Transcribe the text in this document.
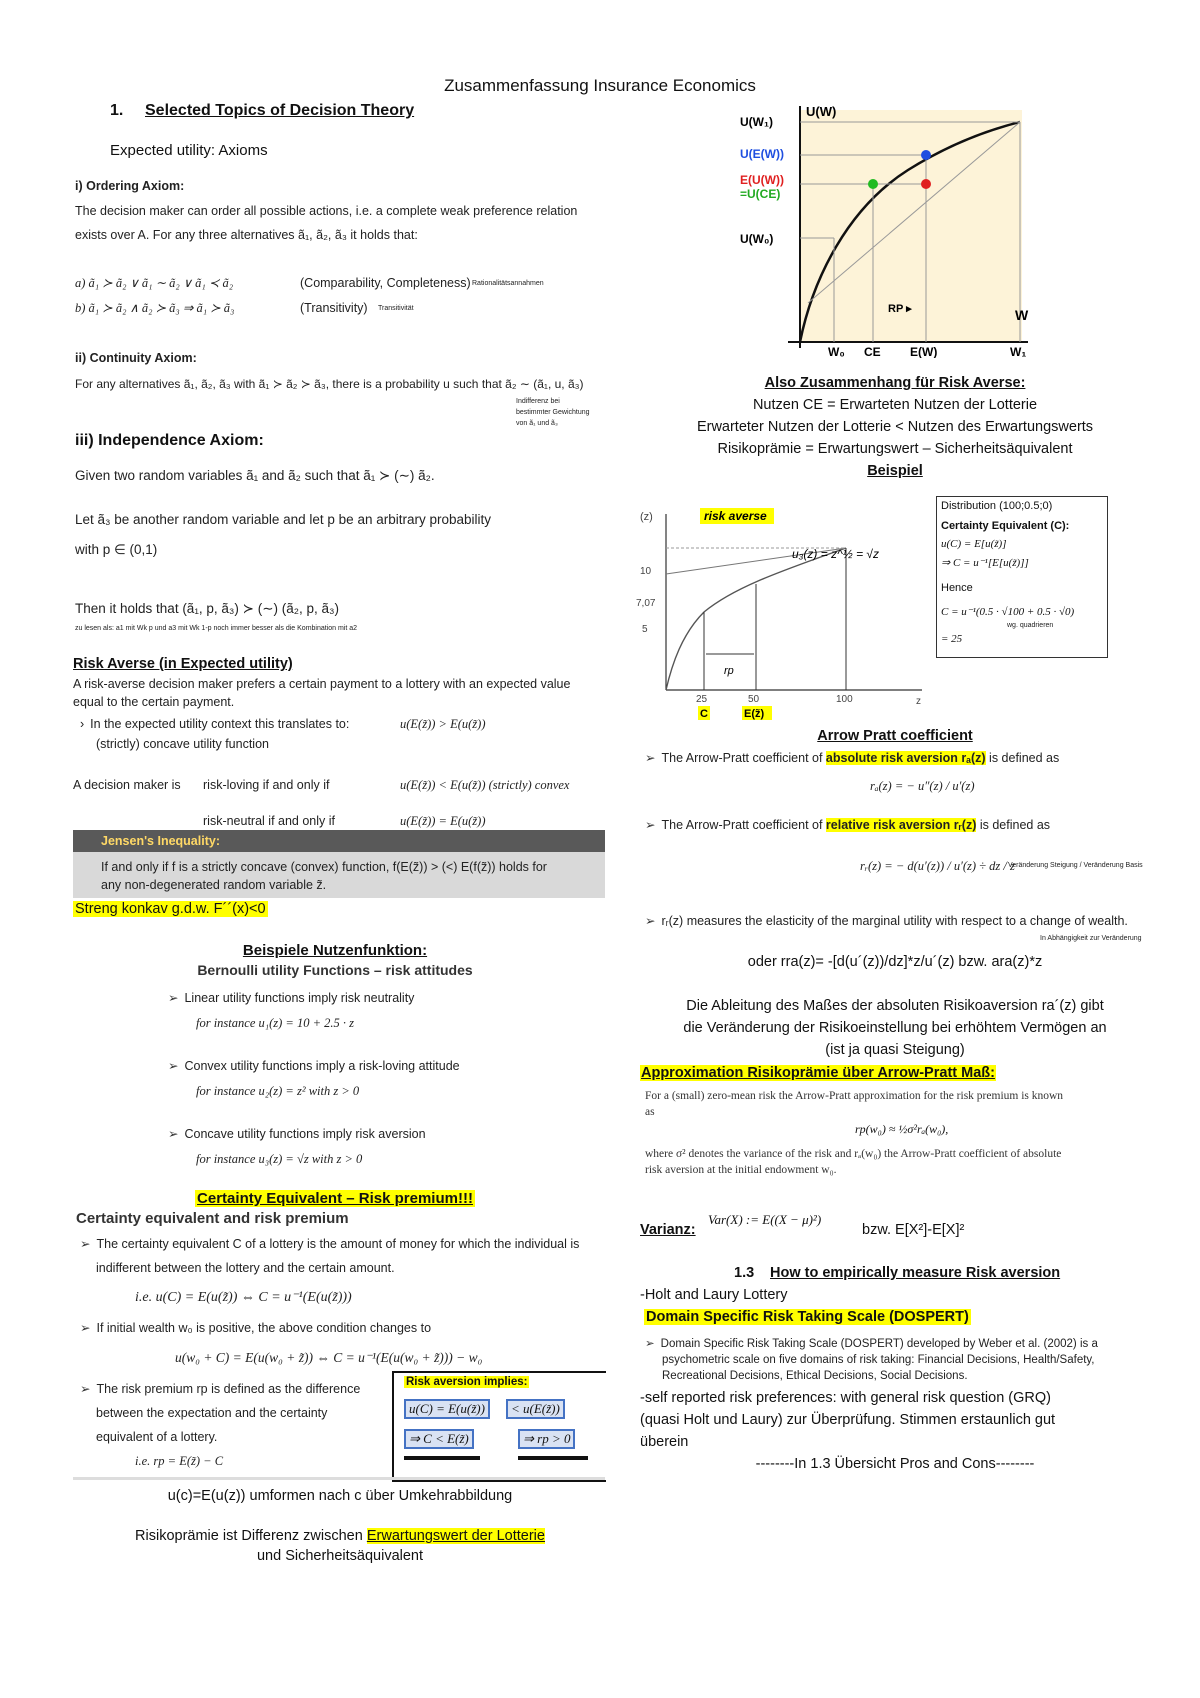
Zusammenfassung Insurance Economics
1. Selected Topics of Decision Theory
Expected utility: Axioms
i) Ordering Axiom:
The decision maker can order all possible actions, i.e. a complete weak preference relation
exists over A. For any three alternatives ã₁, ã₂, ã₃ it holds that:
a) ã₁ ≻ ã₂ ∨ ã₁ ∼ ã₂ ∨ ã₁ ≺ ã₂	(Comparability, Completeness) Rationalitätsannahmen
b) ã₁ ≻ ã₂ ∧ ã₂ ≻ ã₃ ⇒ ã₁ ≻ ã₃	(Transitivity) Transitivität
ii) Continuity Axiom:
For any alternatives ã₁, ã₂, ã₃ with ã₁ ≻ ã₂ ≻ ã₃, there is a probability u such that ã₂ ∼ (ã₁, u, ã₃)
Indifferenz bei
bestimmter Gewichtung
von ã₁ und ã₃
iii) Independence Axiom:
Given two random variables ã₁ and ã₂ such that ã₁ ≻ (∼) ã₂.
Let ã₃ be another random variable and let p be an arbitrary probability
with p ∈ (0,1)
Then it holds that (ã₁, p, ã₃) ≻ (∼) (ã₂, p, ã₃)
zu lesen als: a1 mit Wk p und a3 mit Wk 1-p noch immer besser als die Kombination mit a2
Risk Averse (in Expected utility)
A risk-averse decision maker prefers a certain payment to a lottery with an expected value
equal to the certain payment.
› In the expected utility context this translates to:	u(E(z̃)) > E(u(z̃))
(strictly) concave utility function
A decision maker is risk-loving if and only if	u(E(z̃)) < E(u(z̃)) (strictly) convex
risk-neutral if and only if	u(E(z̃)) = E(u(z̃))
Jensen's Inequality:
If and only if f is a strictly concave (convex) function, f(E(z̃)) > (<) E(f(z̃)) holds for
any non-degenerated random variable z̃.
Streng konkav g.d.w. F´´(x)<0
Beispiele Nutzenfunktion:
Bernoulli utility Functions – risk attitudes
➢ Linear utility functions imply risk neutrality
for instance u₁(z) = 10 + 2.5 · z
➢ Convex utility functions imply a risk-loving attitude
for instance u₂(z) = z² with z > 0
➢ Concave utility functions imply risk aversion
for instance u₃(z) = √z with z > 0
Certainty Equivalent – Risk premium!!!
Certainty equivalent and risk premium
➢ The certainty equivalent C of a lottery is the amount of money for which the individual is
indifferent between the lottery and the certain amount.
i.e. u(C) = E(u(z̃)) ⇔ C = u⁻¹(E(u(z̃)))
➢ If initial wealth w₀ is positive, the above condition changes to
u(w₀ + C) = E(u(w₀ + z̃)) ⇔ C = u⁻¹(E(u(w₀ + z̃))) − w₀
➢ The risk premium rp is defined as the difference
between the expectation and the certainty
equivalent of a lottery.
i.e. rp = E(z̃) − C
Risk aversion implies:
u(C) = E(u(z̃))	< u(E(z̃))
⇒ C < E(z̃)	⇒ rp > 0
u(c)=E(u(z)) umformen nach c über Umkehrabbildung
Risikoprämie ist Differenz zwischen Erwartungswert der Lotterie
und Sicherheitsäquivalent
U(W)
W
RP ▸
U(W₁)
U(E(W))
E(U(W))
=U(CE)
U(W₀)
W₀ CE E(W)	W₁
Also Zusammenhang für Risk Averse:
Nutzen CE = Erwarteten Nutzen der Lotterie
Erwarteter Nutzen der Lotterie < Nutzen des Erwartungswerts
Risikoprämie = Erwartungswert – Sicherheitsäquivalent
Beispiel
risk averse
(z)
z
10
7,07
5
25	50	100
C	E(z̃)
u₃(z) = z^½ = √z
rp
Distribution (100;0.5;0)
Certainty Equivalent (C):
u(C) = E[u(z̃)]
⇒ C = u⁻¹[E[u(z̃)]]
Hence
C = u⁻¹(0.5 · √100 + 0.5 · √0)
wg. quadrieren
= 25
Arrow Pratt coefficient
➢ The Arrow-Pratt coefficient of absolute risk aversion rₐ(z) is defined as
rₐ(z) = − u″(z) / u′(z)
➢ The Arrow-Pratt coefficient of relative risk aversion rᵣ(z) is defined as
rᵣ(z) = − d(u′(z)) / u′(z) ÷ dz / z
Veränderung Steigung / Veränderung Basis
➢ rᵣ(z) measures the elasticity of the marginal utility with respect to a change of wealth.
In Abhängigkeit zur Veränderung
oder rra(z)= -[d(u´(z))/dz]*z/u´(z) bzw. ara(z)*z
Die Ableitung des Maßes der absoluten Risikoaversion ra´(z) gibt
die Veränderung der Risikoeinstellung bei erhöhtem Vermögen an
(ist ja quasi Steigung)
Approximation Risikoprämie über Arrow-Pratt Maß:
For a (small) zero-mean risk the Arrow-Pratt approximation for the risk premium is known
as
rp(w₀) ≈ ½σ²rₐ(w₀),
where σ² denotes the variance of the risk and rₐ(w₀) the Arrow-Pratt coefficient of absolute
risk aversion at the initial endowment w₀.
Varianz:
Var(X) := E((X − μ)²)
bzw. E[X²]-E[X]²
1.3 How to empirically measure Risk aversion
-Holt and Laury Lottery
Domain Specific Risk Taking Scale (DOSPERT)
➢ Domain Specific Risk Taking Scale (DOSPERT) developed by Weber et al. (2002) is a
psychometric scale on five domains of risk taking: Financial Decisions, Health/Safety,
Recreational Decisions, Ethical Decisions, Social Decisions.
-self reported risk preferences: with general risk question (GRQ)
(quasi Holt und Laury) zur Überprüfung. Stimmen erstaunlich gut
überein
--------In 1.3 Übersicht Pros and Cons--------
